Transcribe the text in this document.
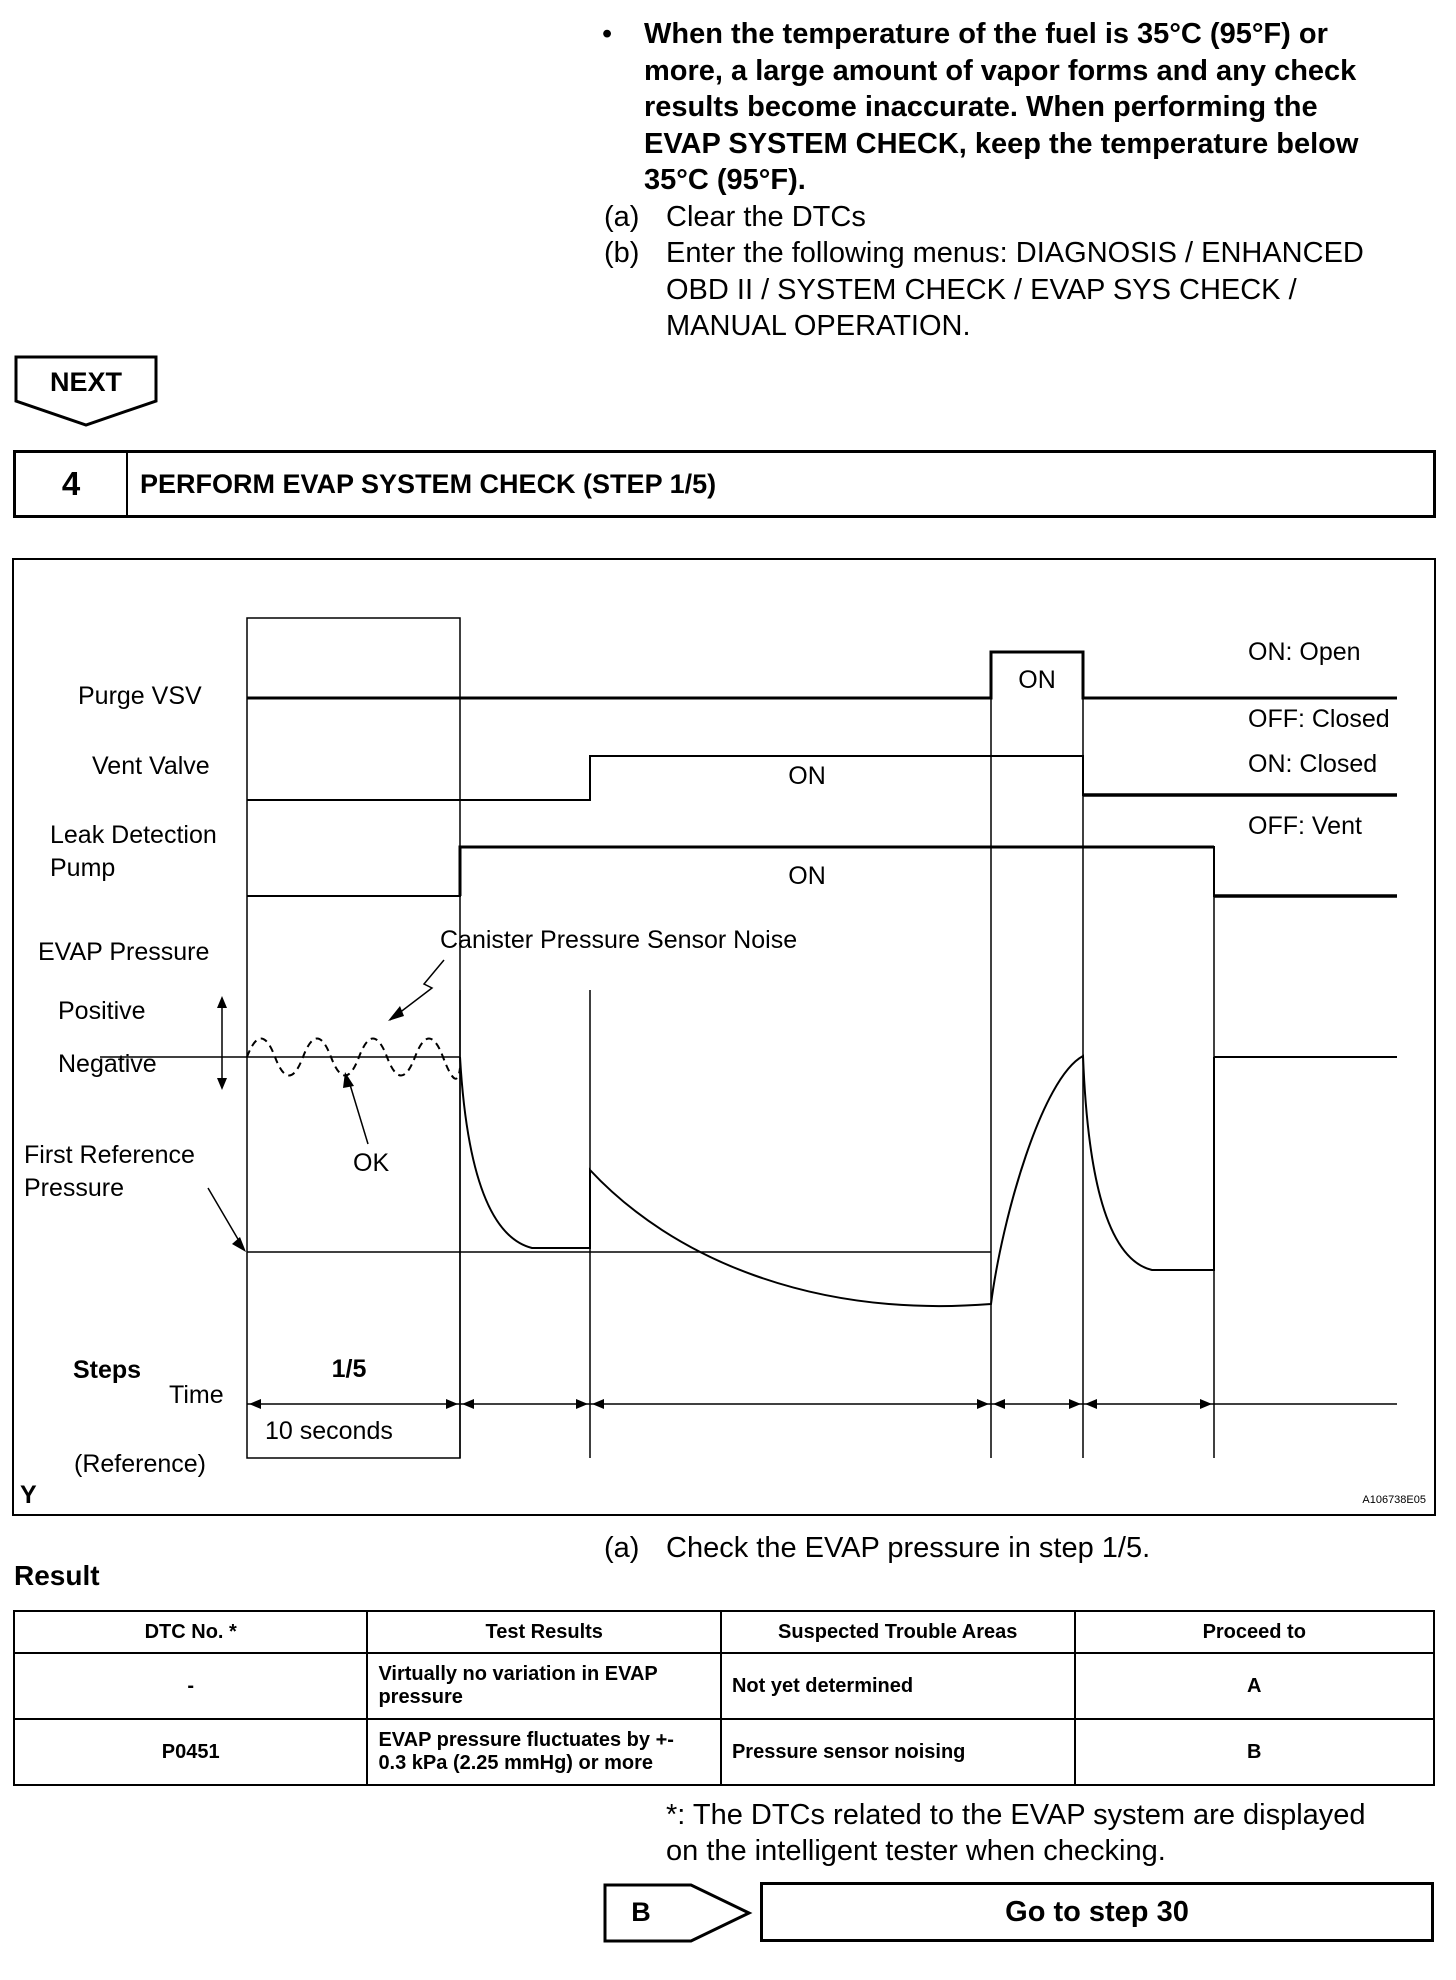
• When the temperature of the fuel is 35°C (95°F) or
more, a large amount of vapor forms and any check
results become inaccurate. When performing the
EVAP SYSTEM CHECK, keep the temperature below
35°C (95°F).
(a) Clear the DTCs
(b) Enter the following menus: DIAGNOSIS / ENHANCED
OBD II / SYSTEM CHECK / EVAP SYS CHECK /
MANUAL OPERATION.
NEXT
4	PERFORM EVAP SYSTEM CHECK (STEP 1/5)
Purge VSV
Vent Valve
Leak Detection
Pump
EVAP Pressure
Positive
Negative
First Reference
Pressure
Steps
Time
(Reference)
Y
ON: Open
OFF: Closed
ON: Closed
OFF: Vent
ON
ON
ON
Canister Pressure Sensor Noise
OK
1/5
10 seconds
A106738E05
(a) Check the EVAP pressure in step 1/5.
Result
DTC No. *	Test Results	Suspected Trouble Areas	Proceed to
-	Virtually no variation in EVAP
pressure	Not yet determined	A
P0451	EVAP pressure fluctuates by +-
0.3 kPa (2.25 mmHg) or more	Pressure sensor noising	B
*: The DTCs related to the EVAP system are displayed
on the intelligent tester when checking.
B	Go to step 30
